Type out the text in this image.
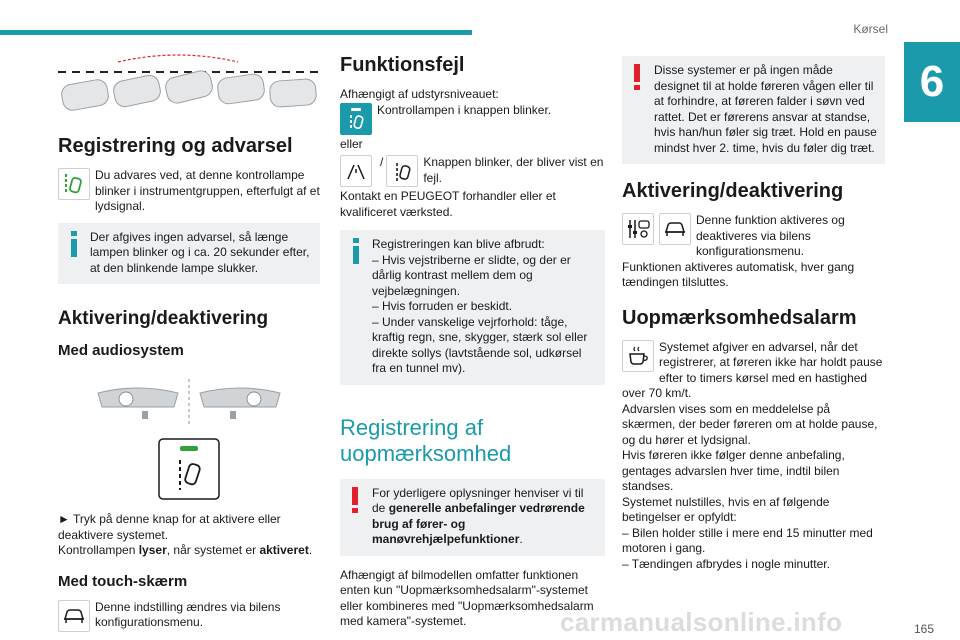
Kørsel
6
carmanualsonline.info	165
Registrering og advarsel
Du advares ved, at denne kontrollampe blinker i instrumentgruppen, efterfulgt af et lydsignal.
Der afgives ingen advarsel, så længe lampen blinker og i ca. 20 sekunder efter, at den blinkende lampe slukker.
Aktivering/deaktivering
Med audiosystem

► Tryk på denne knap for at aktivere eller deaktivere systemet.

Kontrollampen lyser, når systemet er aktiveret.

Med touch-skærm
Denne indstilling ændres via bilens konfigurationsmenu.
Funktionsfejl

Afhængigt af udstyrsniveauet:

Kontrollampen i knappen blinker.

eller

/	Knappen blinker, der bliver vist en fejl.

Kontakt en PEUGEOT forhandler eller et kvalificeret værksted.

Registreringen kan blive afbrudt:
– Hvis vejstriberne er slidte, og der er dårlig kontrast mellem dem og vejbelægningen.
– Hvis forruden er beskidt.
– Under vanskelige vejrforhold: tåge, kraftig regn, sne, skygger, stærk sol eller direkte sollys (lavtstående sol, udkørsel fra en tunnel mv).
Registrering af uopmærksomhed
For yderligere oplysninger henviser vi til de generelle anbefalinger vedrørende brug af fører- og manøvrehjælpefunktioner.

Afhængigt af bilmodellen omfatter funktionen enten kun "Uopmærksomhedsalarm"-systemet eller kombineres med "Uopmærksomhedsalarm med kamera"-systemet.

Disse systemer er på ingen måde designet til at holde føreren vågen eller til at forhindre, at føreren falder i søvn ved rattet. Det er førerens ansvar at standse, hvis han/hun føler sig træt. Hold en pause mindst hver 2. time, hvis du føler dig træt.
Aktivering/deaktivering
Denne funktion aktiveres og deaktiveres via bilens konfigurationsmenu.

Funktionen aktiveres automatisk, hver gang tændingen tilsluttes.

Uopmærksomhedsalarm
Systemet afgiver en advarsel, når det registrerer, at føreren ikke har holdt pause efter to timers kørsel med en hastighed over 70 km/t.

Advarslen vises som en meddelelse på skærmen, der beder føreren om at holde pause, og du hører et lydsignal.

Hvis føreren ikke følger denne anbefaling, gentages advarslen hver time, indtil bilen standses.

Systemet nulstilles, hvis en af følgende betingelser er opfyldt:

– Bilen holder stille i mere end 15 minutter med motoren i gang.

– Tændingen afbrydes i nogle minutter.
